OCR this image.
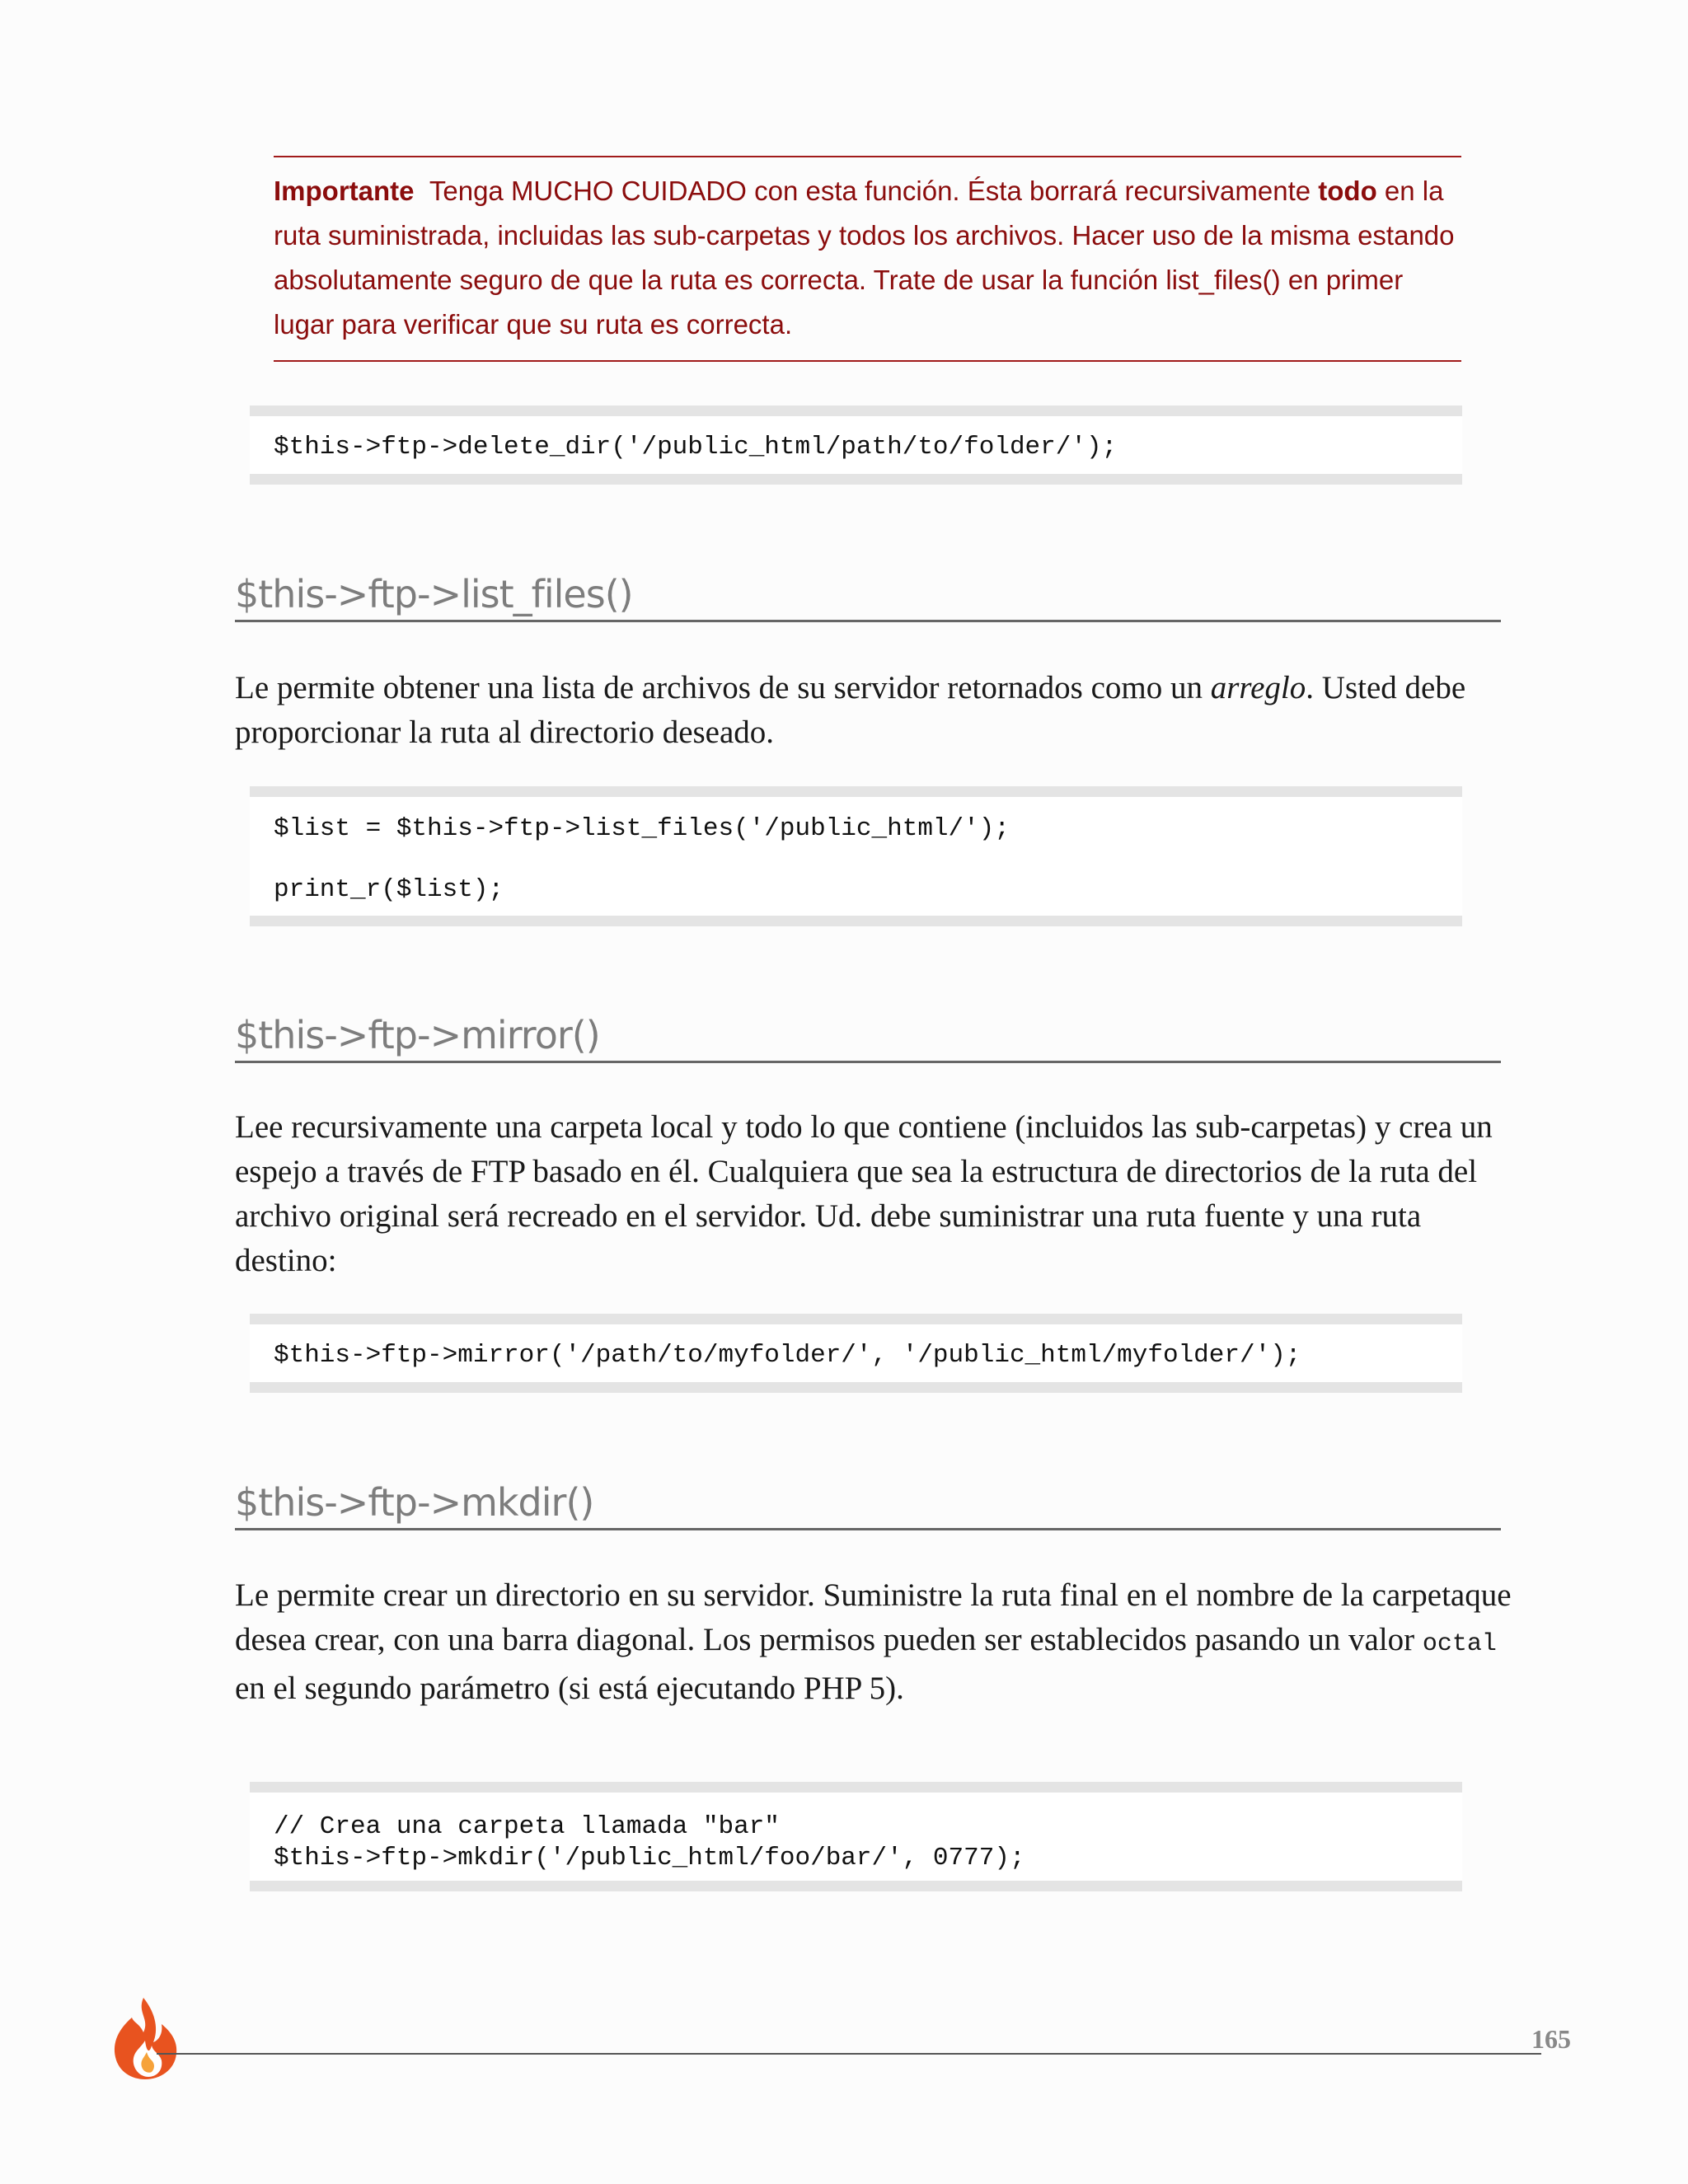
Importante Tenga MUCHO CUIDADO con esta función. Ésta borrará recursivamente todo en la ruta suministrada, incluidas las sub-carpetas y todos los archivos. Hacer uso de la misma estando absolutamente seguro de que la ruta es correcta. Trate de usar la función list_files() en primer lugar para verificar que su ruta es correcta.
$this->ftp->delete_dir('/public_html/path/to/folder/');
$this->ftp->list_files()
Le permite obtener una lista de archivos de su servidor retornados como un arreglo. Usted debe proporcionar la ruta al directorio deseado.
$list = $this->ftp->list_files('/public_html/');
print_r($list);
$this->ftp->mirror()
Lee recursivamente una carpeta local y todo lo que contiene (incluidos las sub-carpetas) y crea un espejo a través de FTP basado en él. Cualquiera que sea la estructura de directorios de la ruta del archivo original será recreado en el servidor. Ud. debe suministrar una ruta fuente y una ruta destino:
$this->ftp->mirror('/path/to/myfolder/', '/public_html/myfolder/');
$this->ftp->mkdir()
Le permite crear un directorio en su servidor. Suministre la ruta final en el nombre de la carpetaque desea crear, con una barra diagonal. Los permisos pueden ser establecidos pasando un valor octal en el segundo parámetro (si está ejecutando PHP 5).
// Crea una carpeta llamada "bar"
$this->ftp->mkdir('/public_html/foo/bar/', 0777);
165
